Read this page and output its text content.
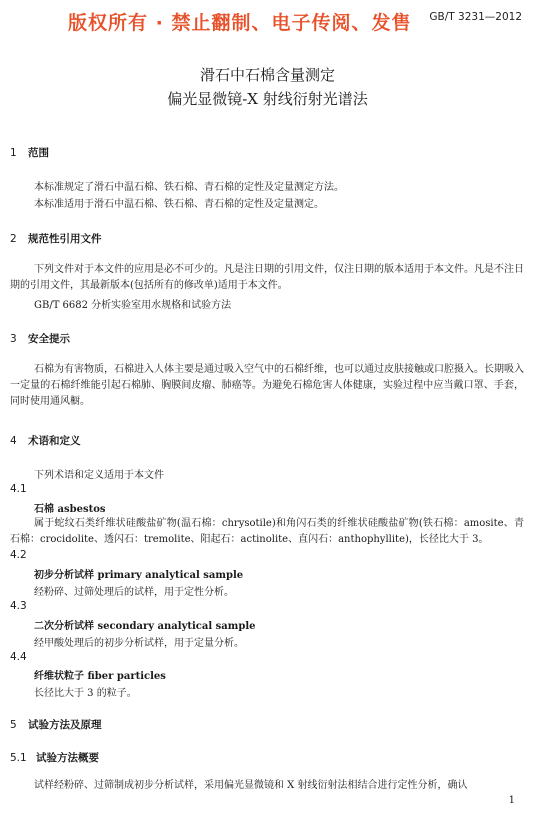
版权所有 · 禁止翻制、电子传阅、发售	GB/T 3231—2012
滑石中石棉含量测定
偏光显微镜-X 射线衍射光谱法
1 范围
本标准规定了滑石中温石棉、铁石棉、青石棉的定性及定量测定方法。
本标准适用于滑石中温石棉、铁石棉、青石棉的定性及定量测定。
2 规范性引用文件

下列文件对于本文件的应用是必不可少的。凡是注日期的引用文件，仅注日期的版本适用于本文件。凡是不注日期的引用文件，其最新版本(包括所有的修改单)适用于本文件。

GB/T 6682 分析实验室用水规格和试验方法
3 安全提示

石棉为有害物质，石棉进入人体主要是通过吸入空气中的石棉纤维，也可以通过皮肤接触或口腔摄入。长期吸入一定量的石棉纤维能引起石棉肺、胸膜间皮瘤、肺癌等。为避免石棉危害人体健康，实验过程中应当戴口罩、手套，同时使用通风橱。

4 术语和定义
下列术语和定义适用于本文件
4.1
石棉 asbestos

属于蛇纹石类纤维状硅酸盐矿物(温石棉：chrysotile)和角闪石类的纤维状硅酸盐矿物(铁石棉：amosite、青石棉：crocidolite、透闪石：tremolite、阳起石：actinolite、直闪石：anthophyllite)，长径比大于 3。

4.2
初步分析试样 primary analytical sample
经粉碎、过筛处理后的试样，用于定性分析。
4.3
二次分析试样 secondary analytical sample
经甲酸处理后的初步分析试样，用于定量分析。
4.4
纤维状粒子 fiber particles
长径比大于 3 的粒子。
5 试验方法及原理
5.1 试验方法概要
试样经粉碎、过筛制成初步分析试样，采用偏光显微镜和 X 射线衍射法相结合进行定性分析，确认
1
